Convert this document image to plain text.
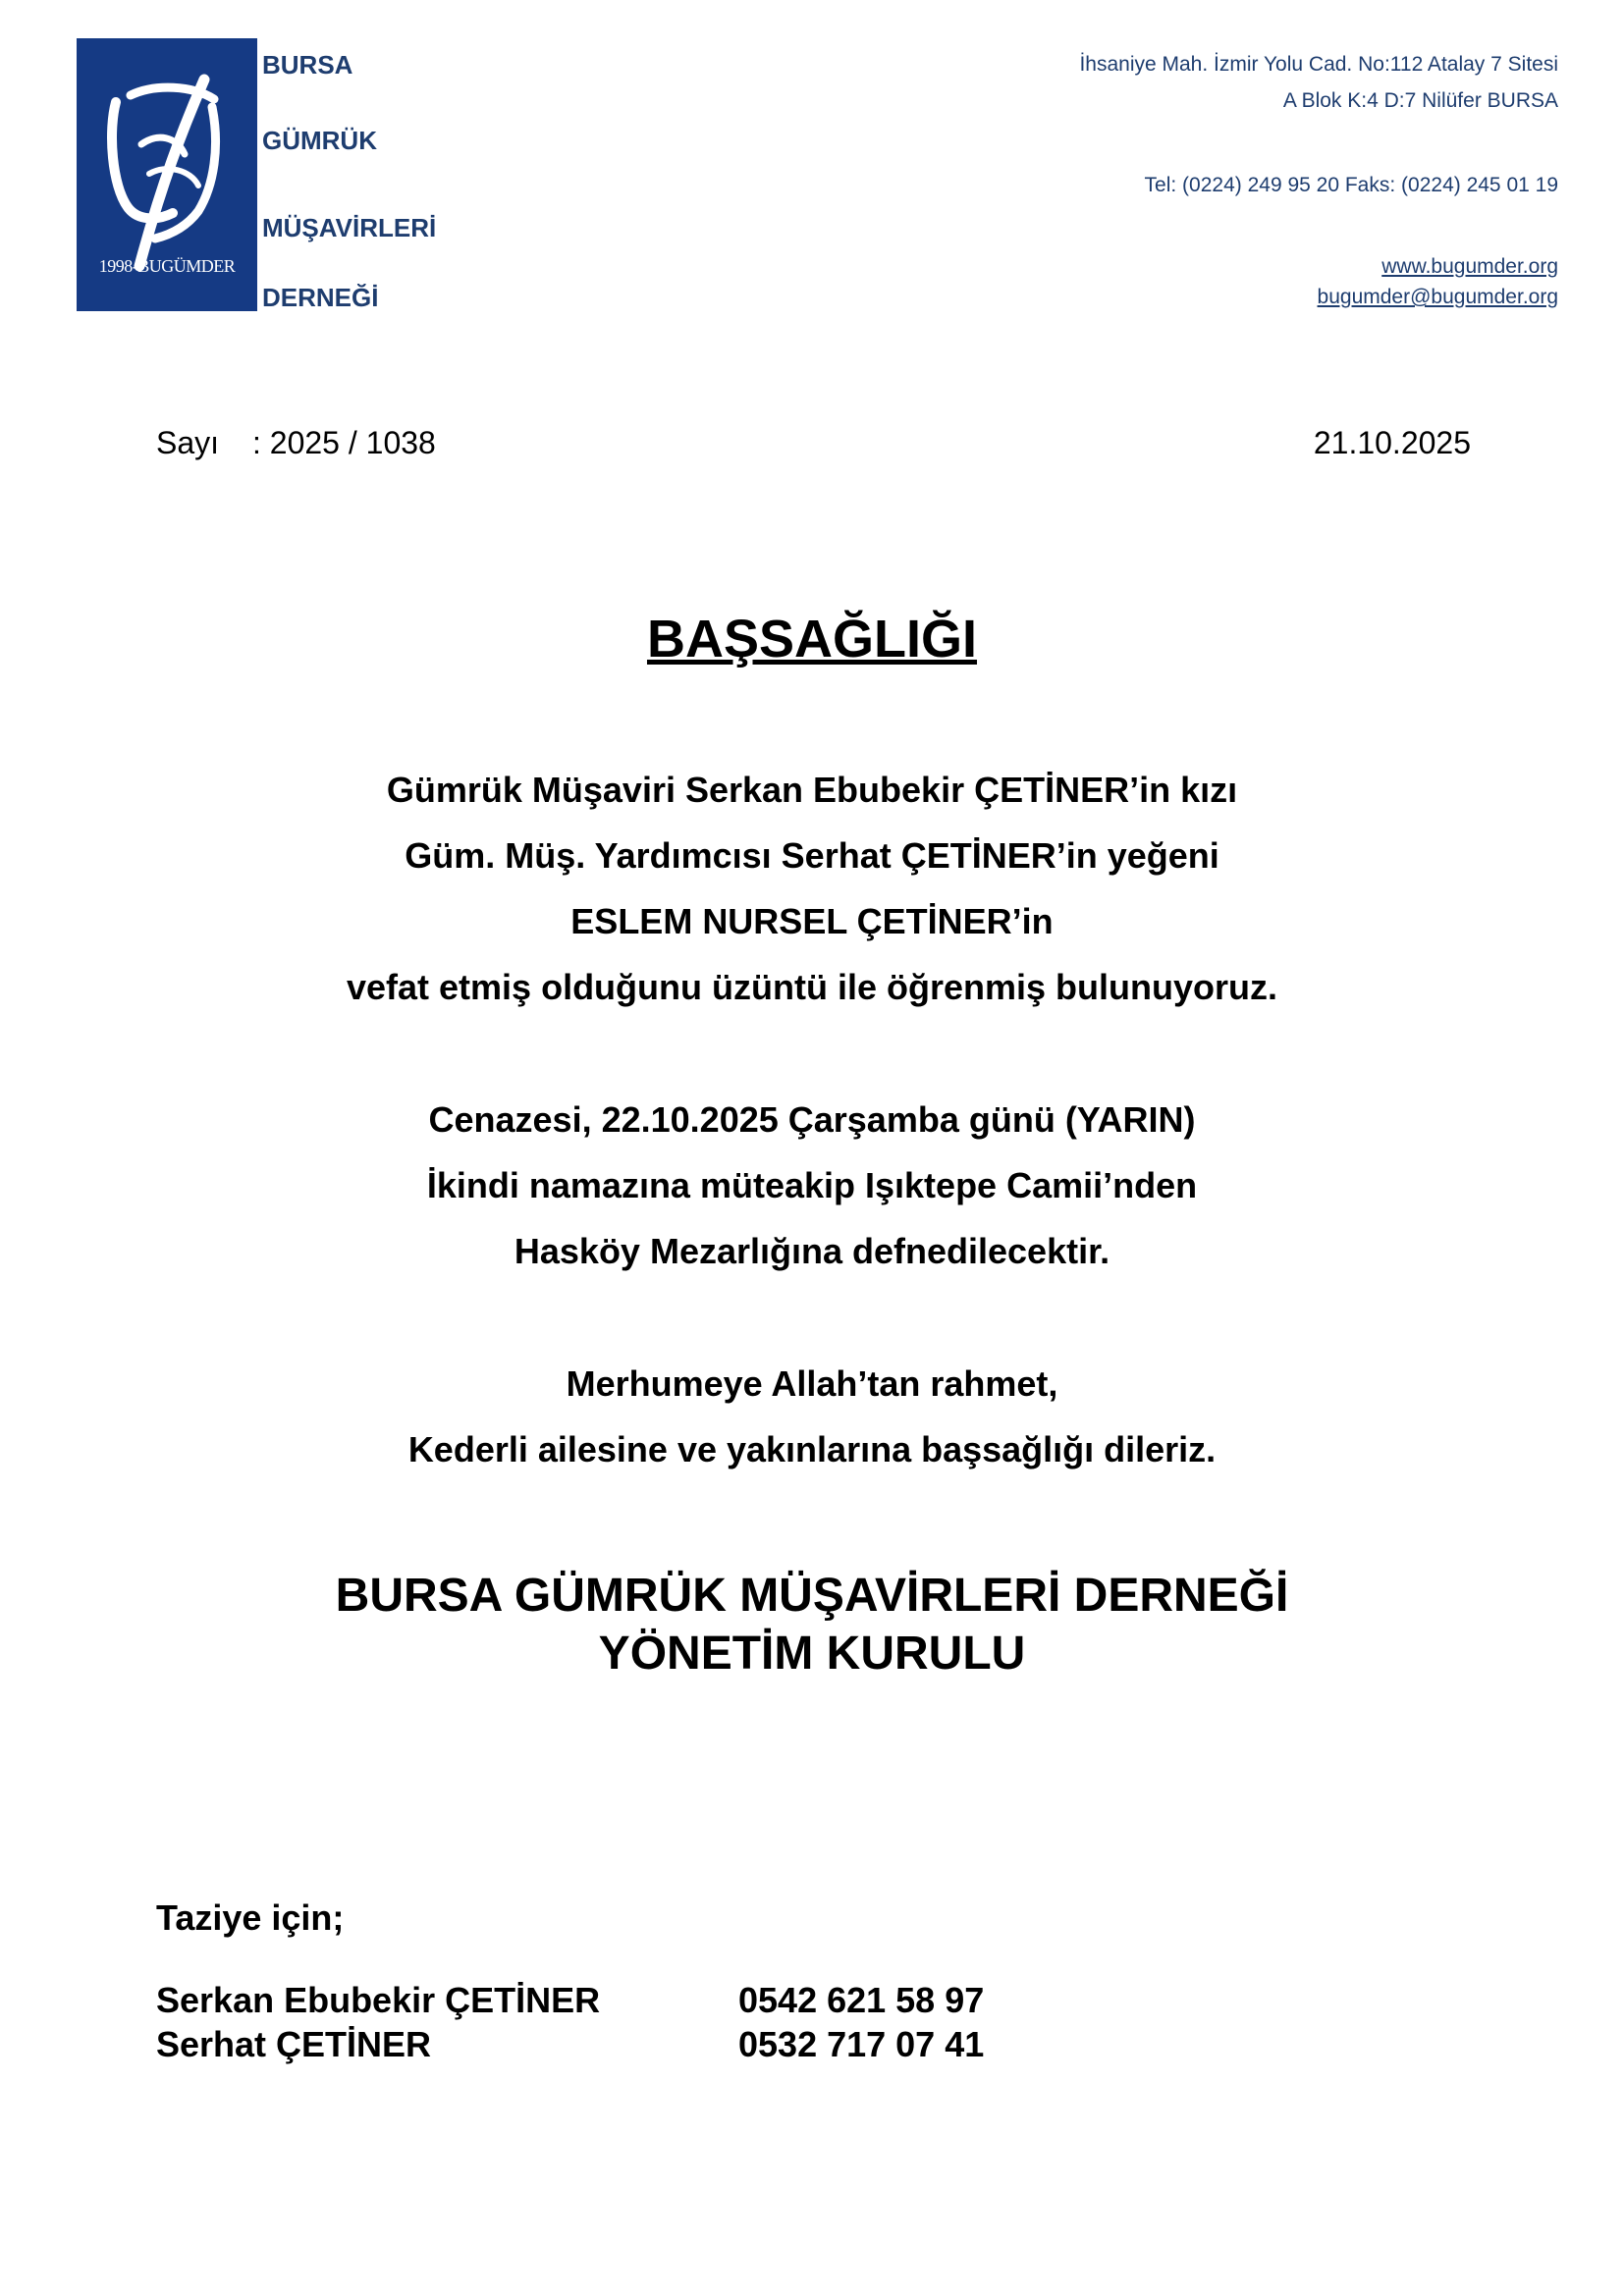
1998-BUGÜMDER
BURSA
GÜMRÜK
MÜŞAVİRLERİ
DERNEĞİ
İhsaniye Mah. İzmir Yolu Cad. No:112 Atalay 7 Sitesi
A Blok K:4 D:7 Nilüfer BURSA
Tel: (0224) 249 95 20 Faks: (0224) 245 01 19
www.bugumder.org
bugumder@bugumder.org
Sayı : 2025 / 1038	21.10.2025
BAŞSAĞLIĞI
Gümrük Müşaviri Serkan Ebubekir ÇETİNER’in kızı
Güm. Müş. Yardımcısı Serhat ÇETİNER’in yeğeni
ESLEM NURSEL ÇETİNER’in
vefat etmiş olduğunu üzüntü ile öğrenmiş bulunuyoruz.
Cenazesi, 22.10.2025 Çarşamba günü (YARIN)
İkindi namazına müteakip Işıktepe Camii’nden
Hasköy Mezarlığına defnedilecektir.
Merhumeye Allah’tan rahmet,
Kederli ailesine ve yakınlarına başsağlığı dileriz.
BURSA GÜMRÜK MÜŞAVİRLERİ DERNEĞİ
YÖNETİM KURULU
Taziye için;
Serkan Ebubekir ÇETİNER	0542 621 58 97
Serhat ÇETİNER	0532 717 07 41
